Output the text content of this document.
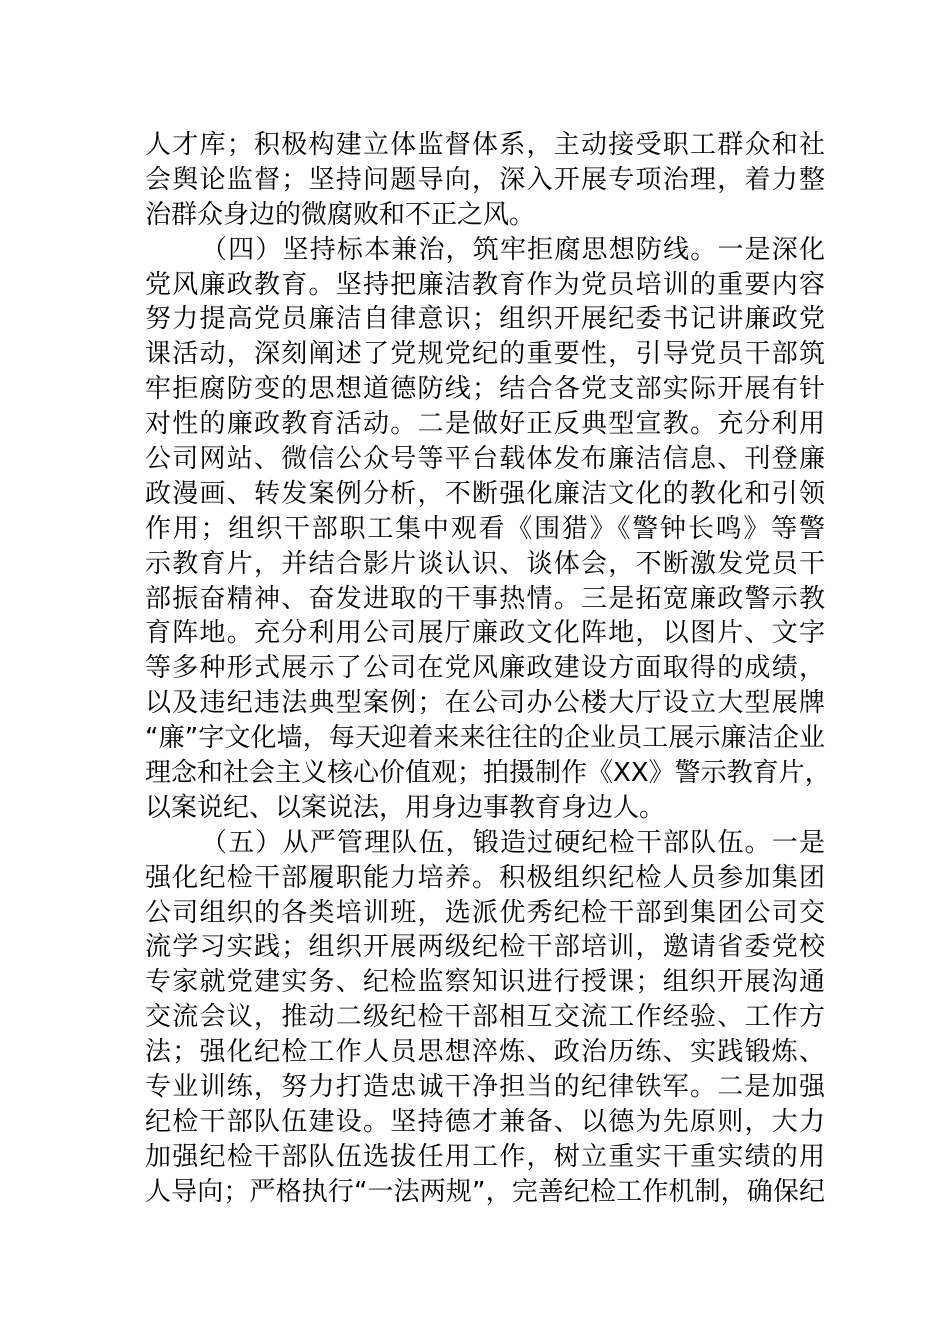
人才库；积极构建立体监督体系，主动接受职工群众和社
会舆论监督；坚持问题导向，深入开展专项治理，着力整
治群众身边的微腐败和不正之风。
（四）坚持标本兼治，筑牢拒腐思想防线。一是深化
党风廉政教育。坚持把廉洁教育作为党员培训的重要内容
努力提高党员廉洁自律意识；组织开展纪委书记讲廉政党
课活动，深刻阐述了党规党纪的重要性，引导党员干部筑
牢拒腐防变的思想道德防线；结合各党支部实际开展有针
对性的廉政教育活动。二是做好正反典型宣教。充分利用
公司网站、微信公众号等平台载体发布廉洁信息、刊登廉
政漫画、转发案例分析，不断强化廉洁文化的教化和引领
作用；组织干部职工集中观看《围猎》《警钟长鸣》等警
示教育片，并结合影片谈认识、谈体会，不断激发党员干
部振奋精神、奋发进取的干事热情。三是拓宽廉政警示教
育阵地。充分利用公司展厅廉政文化阵地，以图片、文字
等多种形式展示了公司在党风廉政建设方面取得的成绩，
以及违纪违法典型案例；在公司办公楼大厅设立大型展牌
“廉”字文化墙，每天迎着来来往往的企业员工展示廉洁企业
理念和社会主义核心价值观；拍摄制作《XX》警示教育片，
以案说纪、以案说法，用身边事教育身边人。
（五）从严管理队伍，锻造过硬纪检干部队伍。一是
强化纪检干部履职能力培养。积极组织纪检人员参加集团
公司组织的各类培训班，选派优秀纪检干部到集团公司交
流学习实践；组织开展两级纪检干部培训，邀请省委党校
专家就党建实务、纪检监察知识进行授课；组织开展沟通
交流会议，推动二级纪检干部相互交流工作经验、工作方
法；强化纪检工作人员思想淬炼、政治历练、实践锻炼、
专业训练，努力打造忠诚干净担当的纪律铁军。二是加强
纪检干部队伍建设。坚持德才兼备、以德为先原则，大力
加强纪检干部队伍选拔任用工作，树立重实干重实绩的用
人导向；严格执行“一法两规”，完善纪检工作机制，确保纪
